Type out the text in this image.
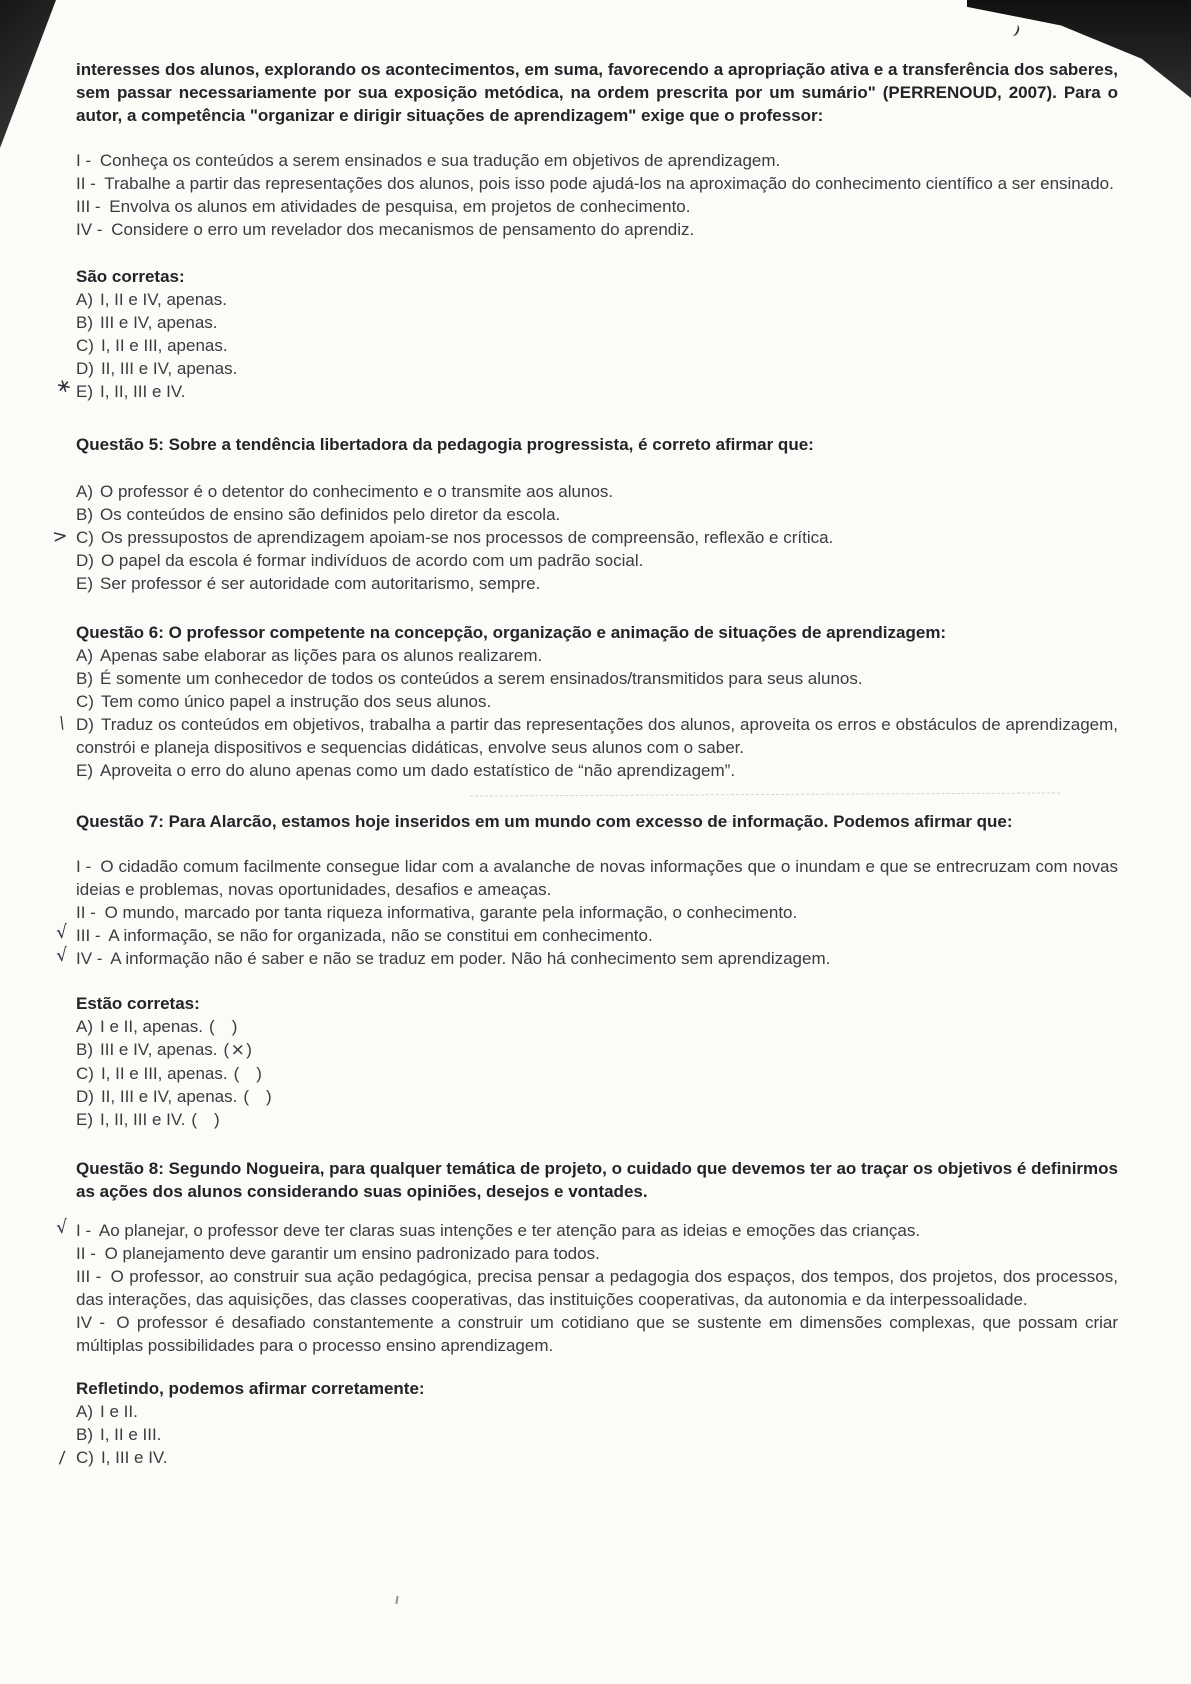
interesses dos alunos, explorando os acontecimentos, em suma, favorecendo a apropriação ativa e a transferência dos saberes, sem passar necessariamente por sua exposição metódica, na ordem prescrita por um sumário" (PERRENOUD, 2007). Para o autor, a competência "organizar e dirigir situações de aprendizagem" exige que o professor:

I - Conheça os conteúdos a serem ensinados e sua tradução em objetivos de aprendizagem.

II - Trabalhe a partir das representações dos alunos, pois isso pode ajudá-los na aproximação do conhecimento científico a ser ensinado.

III - Envolva os alunos em atividades de pesquisa, em projetos de conhecimento.

IV - Considere o erro um revelador dos mecanismos de pensamento do aprendiz.

São corretas:

A) I, II e IV, apenas.

B) III e IV, apenas.

C) I, II e III, apenas.

D) II, III e IV, apenas.

∗ E) I, II, III e IV.

Questão 5: Sobre a tendência libertadora da pedagogia progressista, é correto afirmar que:

A) O professor é o detentor do conhecimento e o transmite aos alunos.

B) Os conteúdos de ensino são definidos pelo diretor da escola.

> C) Os pressupostos de aprendizagem apoiam-se nos processos de compreensão, reflexão e crítica.

D) O papel da escola é formar indivíduos de acordo com um padrão social.

E) Ser professor é ser autoridade com autoritarismo, sempre.

Questão 6: O professor competente na concepção, organização e animação de situações de aprendizagem:

A) Apenas sabe elaborar as lições para os alunos realizarem.

B) É somente um conhecedor de todos os conteúdos a serem ensinados/transmitidos para seus alunos.

C) Tem como único papel a instrução dos seus alunos.

\ D) Traduz os conteúdos em objetivos, trabalha a partir das representações dos alunos, aproveita os erros e obstáculos de aprendizagem, constrói e planeja dispositivos e sequencias didáticas, envolve seus alunos com o saber.

E) Aproveita o erro do aluno apenas como um dado estatístico de “não aprendizagem”.

Questão 7: Para Alarcão, estamos hoje inseridos em um mundo com excesso de informação. Podemos afirmar que:

I - O cidadão comum facilmente consegue lidar com a avalanche de novas informações que o inundam e que se entrecruzam com novas ideias e problemas, novas oportunidades, desafios e ameaças.

II - O mundo, marcado por tanta riqueza informativa, garante pela informação, o conhecimento.

√ III - A informação, se não for organizada, não se constitui em conhecimento.

√ IV - A informação não é saber e não se traduz em poder. Não há conhecimento sem aprendizagem.

Estão corretas:

A) I e II, apenas. ( )

B) III e IV, apenas. (×)

C) I, II e III, apenas. ( )

D) II, III e IV, apenas. ( )

E) I, II, III e IV. ( )

Questão 8: Segundo Nogueira, para qualquer temática de projeto, o cuidado que devemos ter ao traçar os objetivos é definirmos as ações dos alunos considerando suas opiniões, desejos e vontades.

√ I - Ao planejar, o professor deve ter claras suas intenções e ter atenção para as ideias e emoções das crianças.

II - O planejamento deve garantir um ensino padronizado para todos.

III - O professor, ao construir sua ação pedagógica, precisa pensar a pedagogia dos espaços, dos tempos, dos projetos, dos processos, das interações, das aquisições, das classes cooperativas, das instituições cooperativas, da autonomia e da interpessoalidade.

IV - O professor é desafiado constantemente a construir um cotidiano que se sustente em dimensões complexas, que possam criar múltiplas possibilidades para o processo ensino aprendizagem.

Refletindo, podemos afirmar corretamente:

A) I e II.

B) I, II e III.

/ C) I, III e IV.
